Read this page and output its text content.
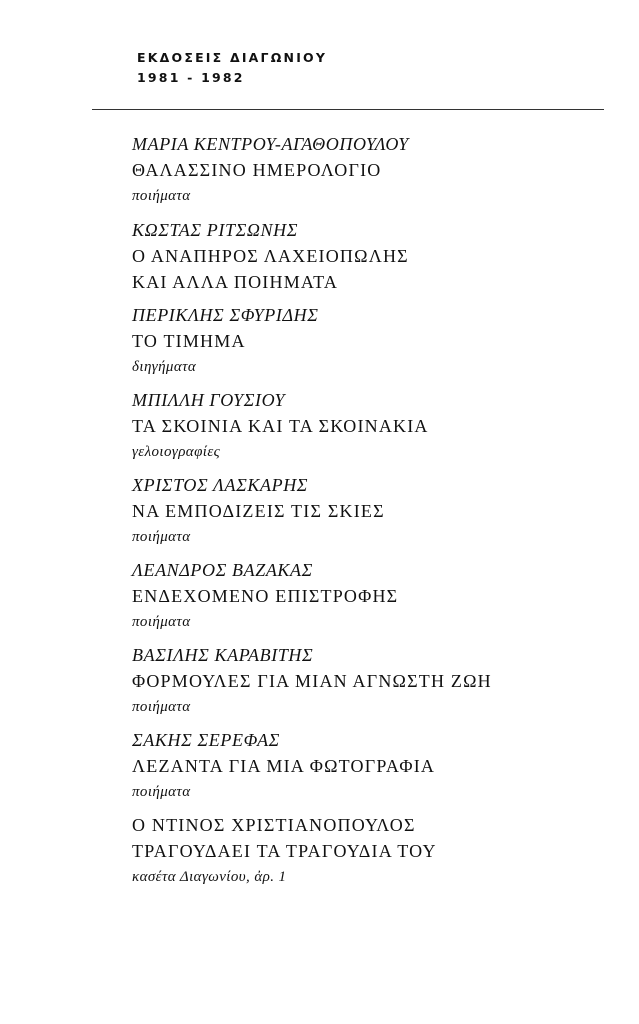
ΕΚΔΟΣΕΙΣ ΔΙΑΓΩΝΙΟΥ
1981 - 1982
ΜΑΡΙΑ ΚΕΝΤΡΟΥ-ΑΓΑΘΟΠΟΥΛΟΥ
ΘΑΛΑΣΣΙΝΟ ΗΜΕΡΟΛΟΓΙΟ
ποιήματα
ΚΩΣΤΑΣ ΡΙΤΣΩΝΗΣ
Ο ΑΝΑΠΗΡΟΣ ΛΑΧΕΙΟΠΩΛΗΣ
ΚΑΙ ΑΛΛΑ ΠΟΙΗΜΑΤΑ
ΠΕΡΙΚΛΗΣ ΣΦΥΡΙΔΗΣ
ΤΟ ΤΙΜΗΜΑ
διηγήματα
ΜΠΙΛΛΗ ΓΟΥΣΙΟΥ
ΤΑ ΣΚΟΙΝΙΑ ΚΑΙ ΤΑ ΣΚΟΙΝΑΚΙΑ
γελοιογραφίες
ΧΡΙΣΤΟΣ ΛΑΣΚΑΡΗΣ
ΝΑ ΕΜΠΟΔΙΖΕΙΣ ΤΙΣ ΣΚΙΕΣ
ποιήματα
ΛΕΑΝΔΡΟΣ ΒΑΖΑΚΑΣ
ΕΝΔΕΧΟΜΕΝΟ ΕΠΙΣΤΡΟΦΗΣ
ποιήματα
ΒΑΣΙΛΗΣ ΚΑΡΑΒΙΤΗΣ
ΦΟΡΜΟΥΛΕΣ ΓΙΑ ΜΙΑΝ ΑΓΝΩΣΤΗ ΖΩΗ
ποιήματα
ΣΑΚΗΣ ΣΕΡΕΦΑΣ
ΛΕΖΑΝΤΑ ΓΙΑ ΜΙΑ ΦΩΤΟΓΡΑΦΙΑ
ποιήματα
Ο ΝΤΙΝΟΣ ΧΡΙΣΤΙΑΝΟΠΟΥΛΟΣ
ΤΡΑΓΟΥΔΑΕΙ ΤΑ ΤΡΑΓΟΥΔΙΑ ΤΟΥ
κασέτα Διαγωνίου, ἀρ. 1
